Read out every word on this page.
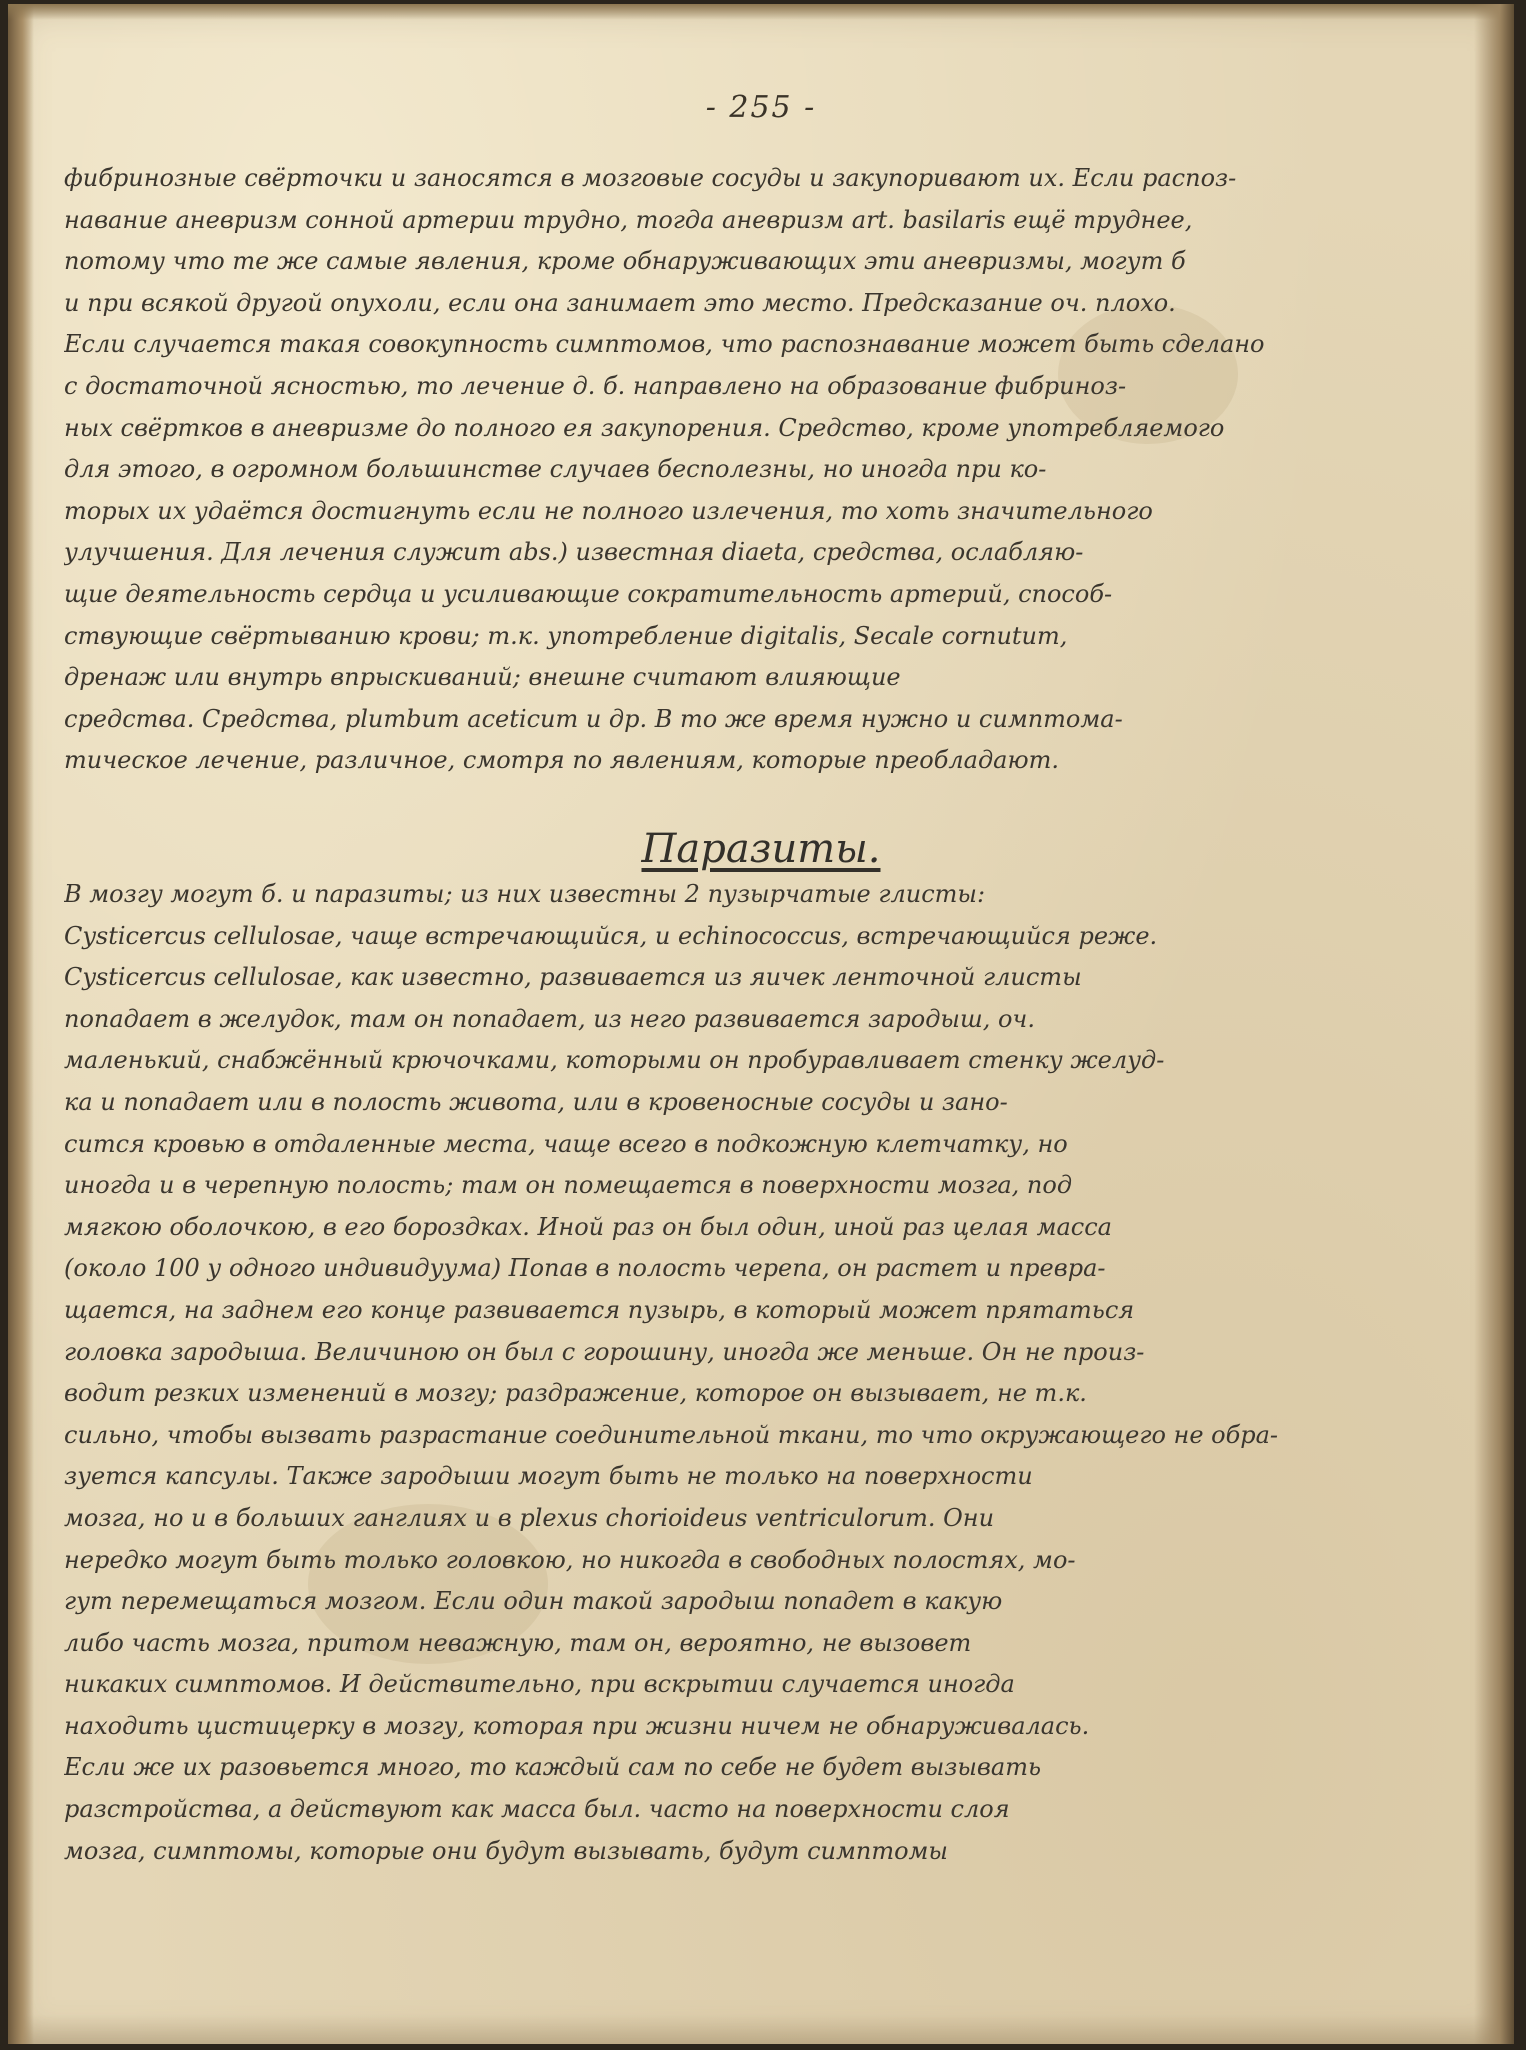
- 255 -
фибринозные свёрточки и заносятся в мозговые сосуды и закупоривают их. Если распоз-
навание аневризм сонной артерии трудно, тогда аневризм art. basilaris ещё труднее,
потому что те же самые явления, кроме обнаруживающих эти аневризмы, могут б
и при всякой другой опухоли, если она занимает это место. Предсказание оч. плохо.
Если случается такая совокупность симптомов, что распознавание может быть сделано
с достаточной ясностью, то лечение д. б. направлено на образование фибриноз-
ных свёртков в аневризме до полного ея закупорения. Средство, кроме употребляемого
для этого, в огромном большинстве случаев бесполезны, но иногда при ко-
торых их удаётся достигнуть если не полного излечения, то хоть значительного
улучшения. Для лечения служит abs.) известная diaeta, средства, ослабляю-
щие деятельность сердца и усиливающие сократительность артерий, способ-
ствующие свёртыванию крови; т.к. употребление digitalis, Secale cornutum,
дренаж или внутрь впрыскиваний; внешне считают влияющие
средства. Средства, plumbum aceticum и др. В то же время нужно и симптома-
тическое лечение, различное, смотря по явлениям, которые преобладают.
Паразиты.
В мозгу могут б. и паразиты; из них известны 2 пузырчатые глисты:
Cysticercus cellulosae, чаще встречающийся, и echinococcus, встречающийся реже.
Cysticercus cellulosae, как известно, развивается из яичек ленточной глисты
попадает в желудок, там он попадает, из него развивается зародыш, оч.
маленький, снабжённый крючочками, которыми он пробуравливает стенку желуд-
ка и попадает или в полость живота, или в кровеносные сосуды и зано-
сится кровью в отдаленные места, чаще всего в подкожную клетчатку, но
иногда и в черепную полость; там он помещается в поверхности мозга, под
мягкою оболочкою, в его бороздках. Иной раз он был один, иной раз целая масса
(около 100 у одного индивидуума) Попав в полость черепа, он растет и превра-
щается, на заднем его конце развивается пузырь, в который может прятаться
головка зародыша. Величиною он был с горошину, иногда же меньше. Он не произ-
водит резких изменений в мозгу; раздражение, которое он вызывает, не т.к.
сильно, чтобы вызвать разрастание соединительной ткани, то что окружающего не обра-
зуется капсулы. Также зародыши могут быть не только на поверхности
мозга, но и в больших ганглиях и в plexus chorioideus ventriculorum. Они
нередко могут быть только головкою, но никогда в свободных полостях, мо-
гут перемещаться мозгом. Если один такой зародыш попадет в какую
либо часть мозга, притом неважную, там он, вероятно, не вызовет
никаких симптомов. И действительно, при вскрытии случается иногда
находить цистицерку в мозгу, которая при жизни ничем не обнаруживалась.
Если же их разовьется много, то каждый сам по себе не будет вызывать
разстройства, а действуют как масса был. часто на поверхности слоя
мозга, симптомы, которые они будут вызывать, будут симптомы
